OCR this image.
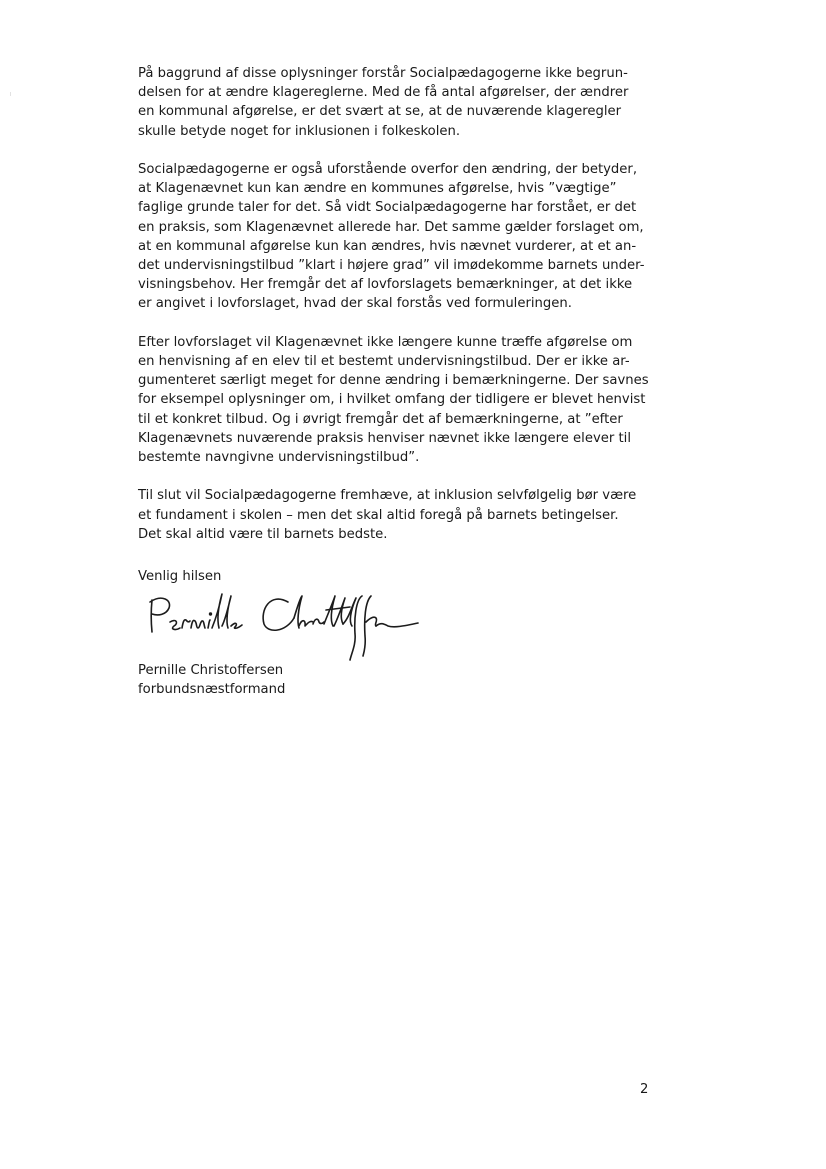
På baggrund af disse oplysninger forstår Socialpædagogerne ikke begrun-
delsen for at ændre klagereglerne. Med de få antal afgørelser, der ændrer
en kommunal afgørelse, er det svært at se, at de nuværende klageregler
skulle betyde noget for inklusionen i folkeskolen.

Socialpædagogerne er også uforstående overfor den ændring, der betyder,
at Klagenævnet kun kan ændre en kommunes afgørelse, hvis ”vægtige”
faglige grunde taler for det. Så vidt Socialpædagogerne har forstået, er det
en praksis, som Klagenævnet allerede har. Det samme gælder forslaget om,
at en kommunal afgørelse kun kan ændres, hvis nævnet vurderer, at et an-
det undervisningstilbud ”klart i højere grad” vil imødekomme barnets under-
visningsbehov. Her fremgår det af lovforslagets bemærkninger, at det ikke
er angivet i lovforslaget, hvad der skal forstås ved formuleringen.

Efter lovforslaget vil Klagenævnet ikke længere kunne træffe afgørelse om
en henvisning af en elev til et bestemt undervisningstilbud. Der er ikke ar-
gumenteret særligt meget for denne ændring i bemærkningerne. Der savnes
for eksempel oplysninger om, i hvilket omfang der tidligere er blevet henvist
til et konkret tilbud. Og i øvrigt fremgår det af bemærkningerne, at ”efter
Klagenævnets nuværende praksis henviser nævnet ikke længere elever til
bestemte navngivne undervisningstilbud”.

Til slut vil Socialpædagogerne fremhæve, at inklusion selvfølgelig bør være
et fundament i skolen – men det skal altid foregå på barnets betingelser.
Det skal altid være til barnets bedste.

Venlig hilsen
Pernille Christoffersen
forbundsnæstformand
2
